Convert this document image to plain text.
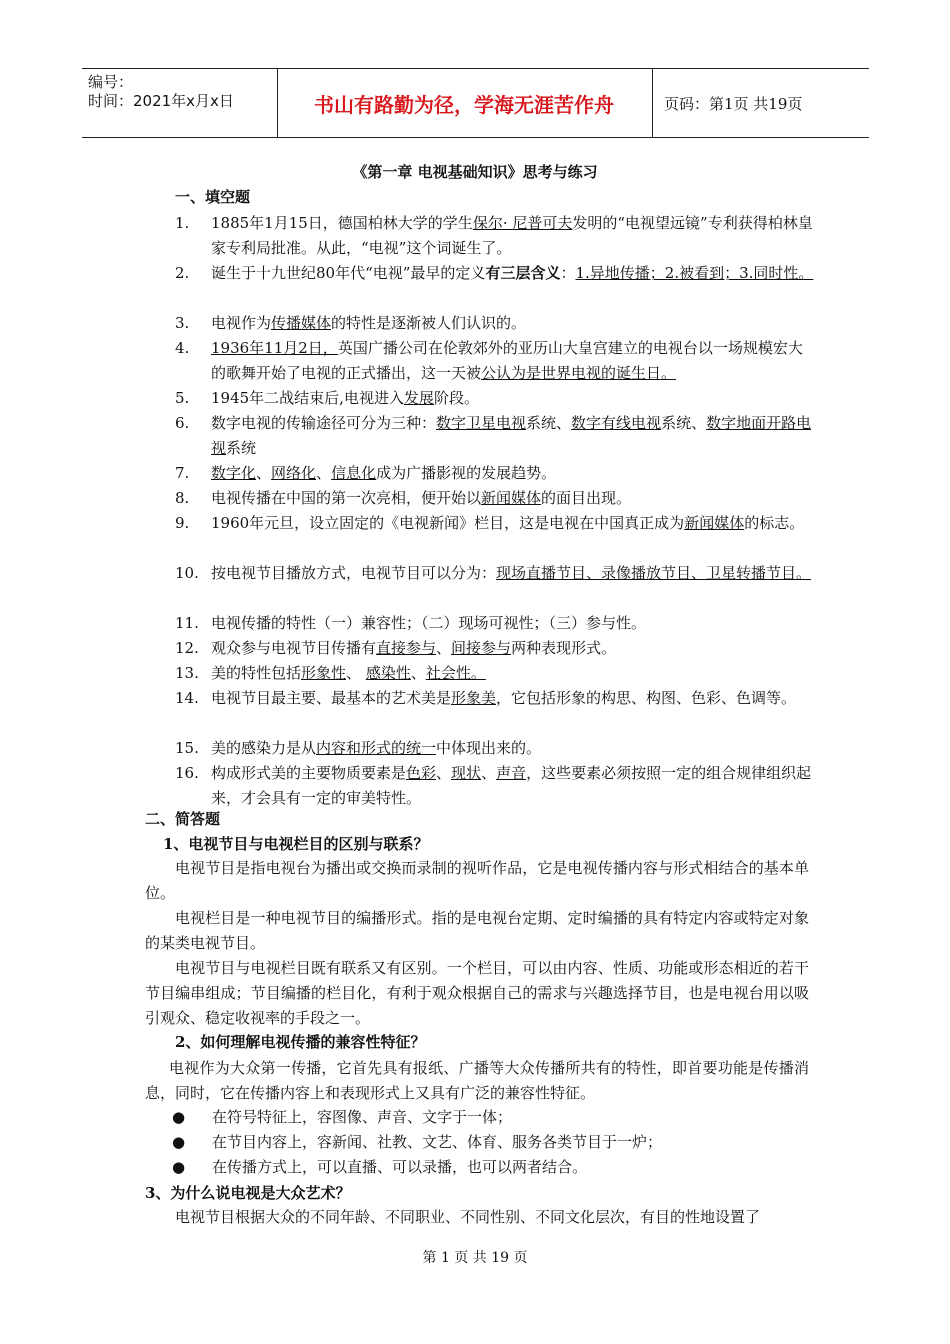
编号：
时间：2021年x月x日	书山有路勤为径，学海无涯苦作舟	页码：第1页 共19页
《第一章 电视基础知识》思考与练习
一、填空题
1. 1885年1月15日，德国柏林大学的学生保尔· 尼普可夫发明的“电视望远镜”专利获得柏林皇家专利局批准。从此，“电视”这个词诞生了。
2. 诞生于十九世纪80年代“电视”最早的定义有三层含义：1.异地传播；2.被看到；3.同时性。
3. 电视作为传播媒体的特性是逐渐被人们认识的。
4. 1936年11月2日，英国广播公司在伦敦郊外的亚历山大皇宫建立的电视台以一场规模宏大的歌舞开始了电视的正式播出，这一天被公认为是世界电视的诞生日。
5. 1945年二战结束后,电视进入发展阶段。
6. 数字电视的传输途径可分为三种：数字卫星电视系统、数字有线电视系统、数字地面开路电视系统
7. 数字化、网络化、信息化成为广播影视的发展趋势。
8. 电视传播在中国的第一次亮相，便开始以新闻媒体的面目出现。
9. 1960年元旦，设立固定的《电视新闻》栏目，这是电视在中国真正成为新闻媒体的标志。
10. 按电视节目播放方式，电视节目可以分为：现场直播节目、录像播放节目、卫星转播节目。
11. 电视传播的特性（一）兼容性；（二）现场可视性；（三）参与性。
12. 观众参与电视节目传播有直接参与、间接参与两种表现形式。
13. 美的特性包括形象性、 感染性、社会性。
14. 电视节目最主要、最基本的艺术美是形象美，它包括形象的构思、构图、色彩、色调等。
15. 美的感染力是从内容和形式的统一中体现出来的。
16. 构成形式美的主要物质要素是色彩、现状、声音，这些要素必须按照一定的组合规律组织起来，才会具有一定的审美特性。
二、简答题
1、电视节目与电视栏目的区别与联系？
电视节目是指电视台为播出或交换而录制的视听作品，它是电视传播内容与形式相结合的基本单位。
电视栏目是一种电视节目的编播形式。指的是电视台定期、定时编播的具有特定内容或特定对象的某类电视节目。
电视节目与电视栏目既有联系又有区别。一个栏目，可以由内容、性质、功能或形态相近的若干节目编串组成；节目编播的栏目化，有利于观众根据自己的需求与兴趣选择节目，也是电视台用以吸引观众、稳定收视率的手段之一。
2、如何理解电视传播的兼容性特征？
电视作为大众第一传播，它首先具有报纸、广播等大众传播所共有的特性，即首要功能是传播消息，同时，它在传播内容上和表现形式上又具有广泛的兼容性特征。
● 在符号特征上，容图像、声音、文字于一体；
● 在节目内容上，容新闻、社教、文艺、体育、服务各类节目于一炉；
● 在传播方式上，可以直播、可以录播，也可以两者结合。
3、为什么说电视是大众艺术？
电视节目根据大众的不同年龄、不同职业、不同性别、不同文化层次，有目的性地设置了
第 1 页 共 19 页
